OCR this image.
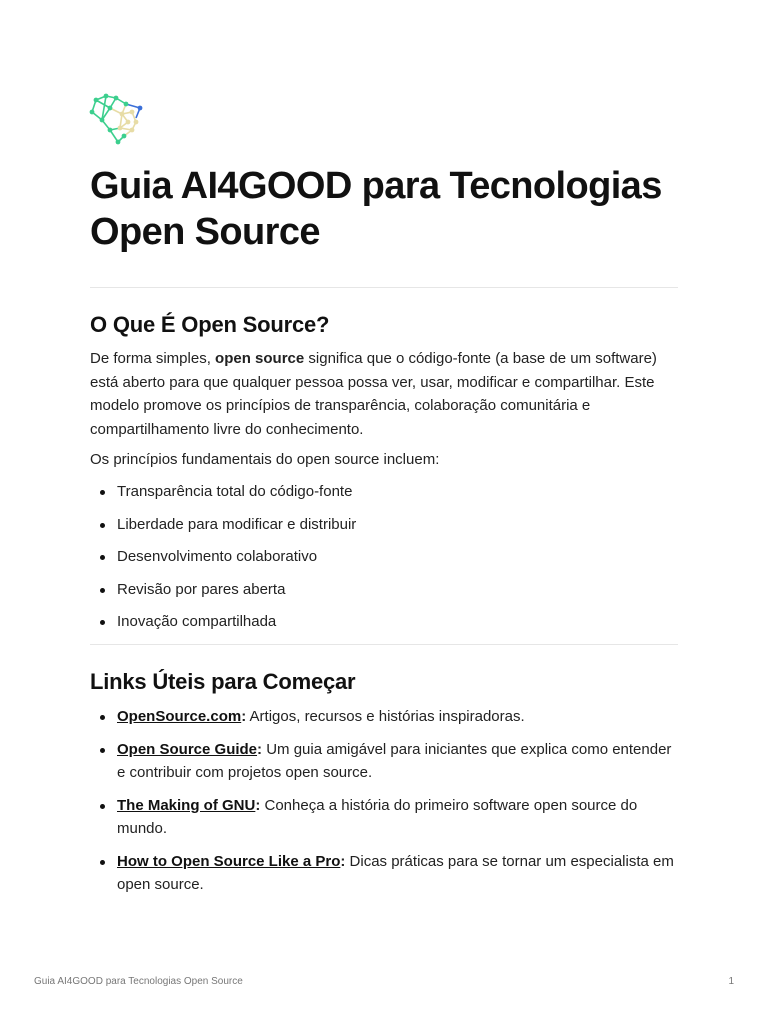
Guia AI4GOOD para Tecnologias Open Source
O Que É Open Source?

De forma simples, open source significa que o código-fonte (a base de um software) está aberto para que qualquer pessoa possa ver, usar, modificar e compartilhar. Este modelo promove os princípios de transparência, colaboração comunitária e compartilhamento livre do conhecimento.

Os princípios fundamentais do open source incluem:

Transparência total do código-fonte
Liberdade para modificar e distribuir
Desenvolvimento colaborativo
Revisão por pares aberta
Inovação compartilhada
Links Úteis para Começar
OpenSource.com: Artigos, recursos e histórias inspiradoras.
Open Source Guide: Um guia amigável para iniciantes que explica como entender e contribuir com projetos open source.
The Making of GNU: Conheça a história do primeiro software open source do mundo.
How to Open Source Like a Pro: Dicas práticas para se tornar um especialista em open source.
Guia AI4GOOD para Tecnologias Open Source	1
